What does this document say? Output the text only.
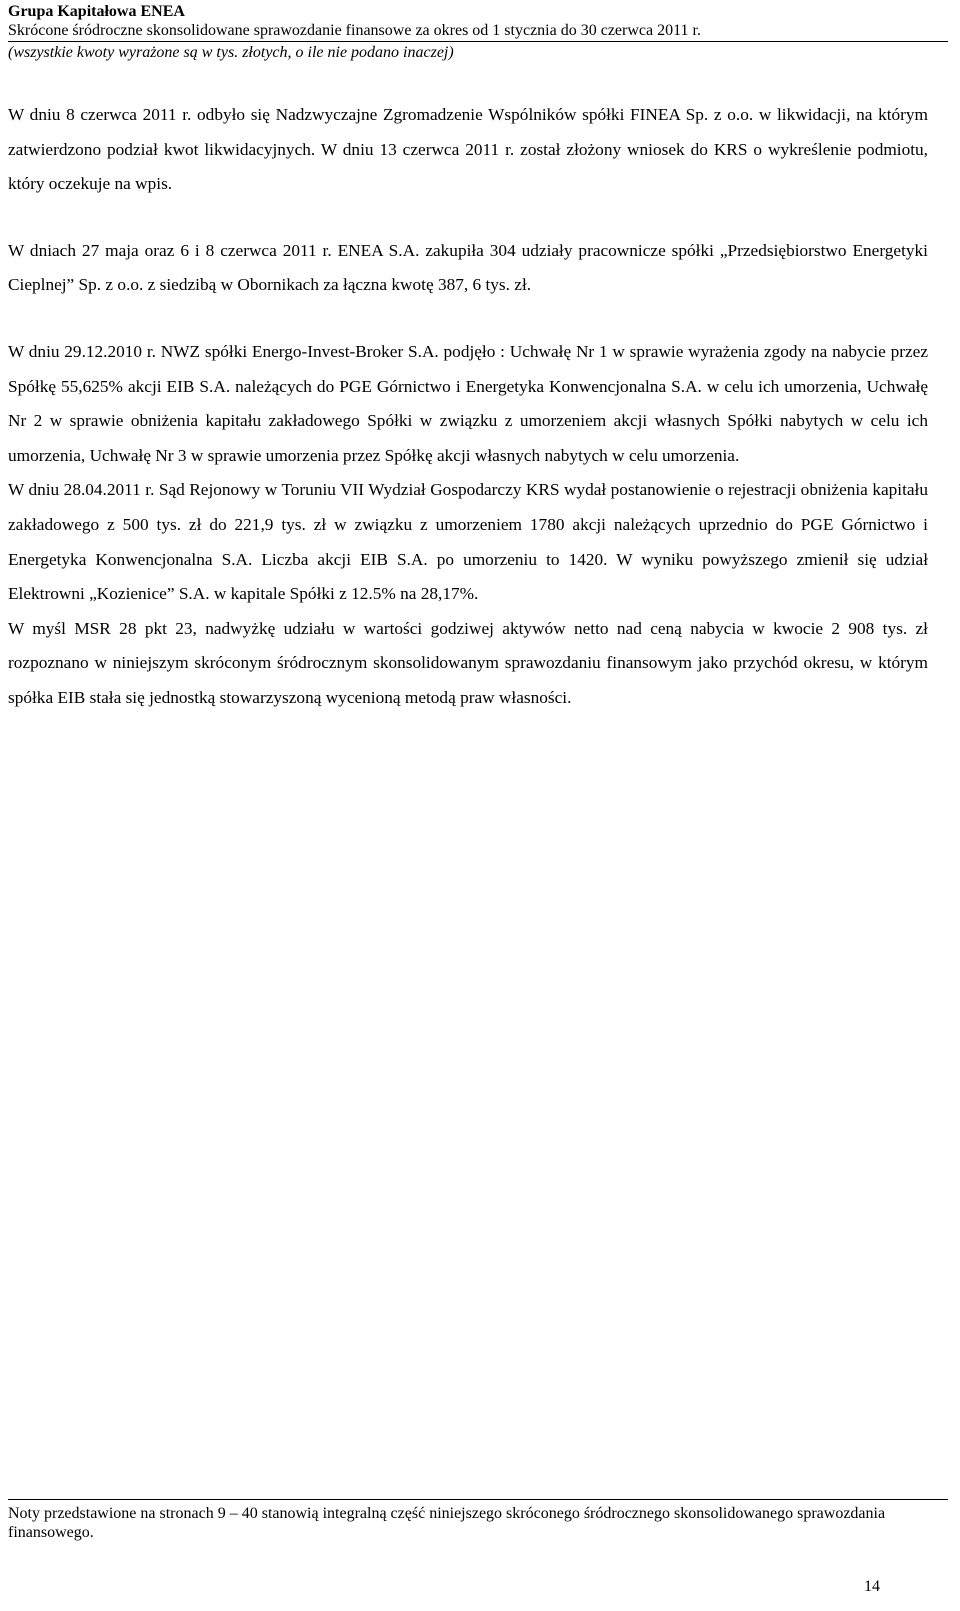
Grupa Kapitałowa ENEA
Skrócone śródroczne skonsolidowane sprawozdanie finansowe za okres od 1 stycznia do 30 czerwca 2011 r.
(wszystkie kwoty wyrażone są w tys. złotych, o ile nie podano inaczej)

W dniu 8 czerwca 2011 r. odbyło się Nadzwyczajne Zgromadzenie Wspólników spółki FINEA Sp. z o.o. w likwidacji, na którym zatwierdzono podział kwot likwidacyjnych. W dniu 13 czerwca 2011 r. został złożony wniosek do KRS o wykreślenie podmiotu, który oczekuje na wpis.

W dniach 27 maja oraz 6 i 8 czerwca 2011 r. ENEA S.A. zakupiła 304 udziały pracownicze spółki „Przedsiębiorstwo Energetyki Cieplnej” Sp. z o.o. z siedzibą w Obornikach za łączna kwotę 387, 6 tys. zł.

W dniu 29.12.2010 r. NWZ spółki Energo-Invest-Broker S.A. podjęło : Uchwałę Nr 1 w sprawie wyrażenia zgody na nabycie przez Spółkę 55,625% akcji EIB S.A. należących do PGE Górnictwo i Energetyka Konwencjonalna S.A. w celu ich umorzenia, Uchwałę Nr 2 w sprawie obniżenia kapitału zakładowego Spółki w związku z umorzeniem akcji własnych Spółki nabytych w celu ich umorzenia, Uchwałę Nr 3 w sprawie umorzenia przez Spółkę akcji własnych nabytych w celu umorzenia.

W dniu 28.04.2011 r. Sąd Rejonowy w Toruniu VII Wydział Gospodarczy KRS wydał postanowienie o rejestracji obniżenia kapitału zakładowego z 500 tys. zł do 221,9 tys. zł w związku z umorzeniem 1780 akcji należących uprzednio do PGE Górnictwo i Energetyka Konwencjonalna S.A. Liczba akcji EIB S.A. po umorzeniu to 1420. W wyniku powyższego zmienił się udział Elektrowni „Kozienice” S.A. w kapitale Spółki z 12.5% na 28,17%.

W myśl MSR 28 pkt 23, nadwyżkę udziału w wartości godziwej aktywów netto nad ceną nabycia w kwocie 2 908 tys. zł rozpoznano w niniejszym skróconym śródrocznym skonsolidowanym sprawozdaniu finansowym jako przychód okresu, w którym spółka EIB stała się jednostką stowarzyszoną wycenioną metodą praw własności.

Noty przedstawione na stronach 9 – 40 stanowią integralną część niniejszego skróconego śródrocznego skonsolidowanego sprawozdania finansowego.
14
